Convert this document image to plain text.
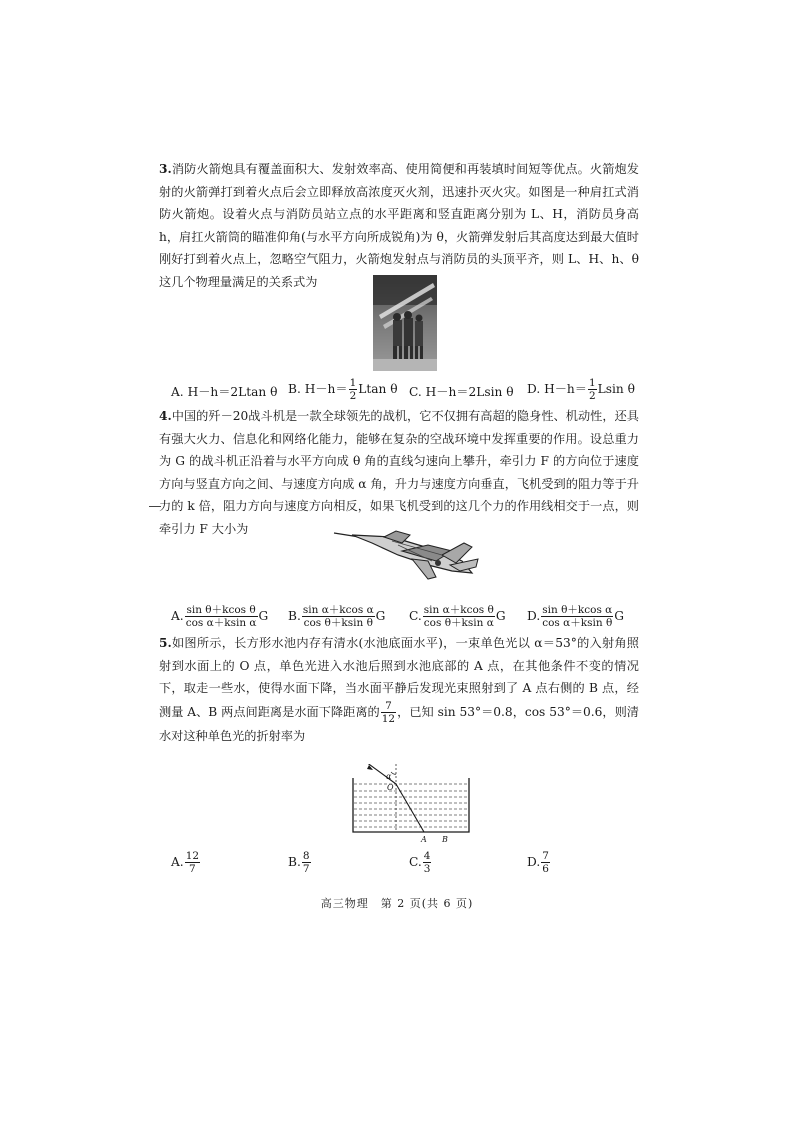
3.消防火箭炮具有覆盖面积大、发射效率高、使用简便和再装填时间短等优点。火箭炮发射的火箭弹打到着火点后会立即释放高浓度灭火剂，迅速扑灭火灾。如图是一种肩扛式消防火箭炮。设着火点与消防员站立点的水平距离和竖直距离分别为 L、H，消防员身高 h，肩扛火箭筒的瞄准仰角(与水平方向所成锐角)为 θ，火箭弹发射后其高度达到最大值时刚好打到着火点上，忽略空气阻力，火箭炮发射点与消防员的头顶平齐，则 L、H、h、θ 这几个物理量满足的关系式为

A. H－h＝2Ltan θ B. $H-h= \frac{1}{2}$ Ltan θ C. H－h＝2Lsin θ D. $H-h= \frac{1}{2}$ Lsin θ

4.中国的歼－20战斗机是一款全球领先的战机，它不仅拥有高超的隐身性、机动性，还具有强大火力、信息化和网络化能力，能够在复杂的空战环境中发挥重要的作用。设总重力为 G 的战斗机正沿着与水平方向成 θ 角的直线匀速向上攀升，牵引力 F 的方向位于速度方向与竖直方向之间、与速度方向成 α 角，升力与速度方向垂直，飞机受到的阻力等于升力的 k 倍，阻力方向与速度方向相反，如果飞机受到的这几个力的作用线相交于一点，则牵引力 F 大小为

A. $\frac{\text{sin θ＋kcos θ}}{\text{cos α＋ksin α}}$ G B. $\frac{\text{sin α＋kcos α}}{\text{cos θ＋ksin θ}}$ G C. $\frac{\text{sin α＋kcos θ}}{\text{cos θ＋ksin α}}$ G D. $\frac{\text{sin θ＋kcos α}}{\text{cos α＋ksin θ}}$ G

5.如图所示，长方形水池内存有清水(水池底面水平)，一束单色光以 α＝53°的入射角照射到水面上的 O 点，单色光进入水池后照到水池底部的 A 点，在其他条件不变的情况下，取走一些水，使得水面下降，当水面平静后发现光束照射到了 A 点右侧的 B 点，经测量 A、B 两点间距离是水面下降距离的 $\frac{7}{12}$ ，已知 sin 53°＝0.8，cos 53°＝0.6，则清水对这种单色光的折射率为

α
O
A B
A. $\frac{12}{7}$	B. $\frac{8}{7}$	C. $\frac{4}{3}$	D. $\frac{7}{6}$
高三物理　第 2 页(共 6 页)
